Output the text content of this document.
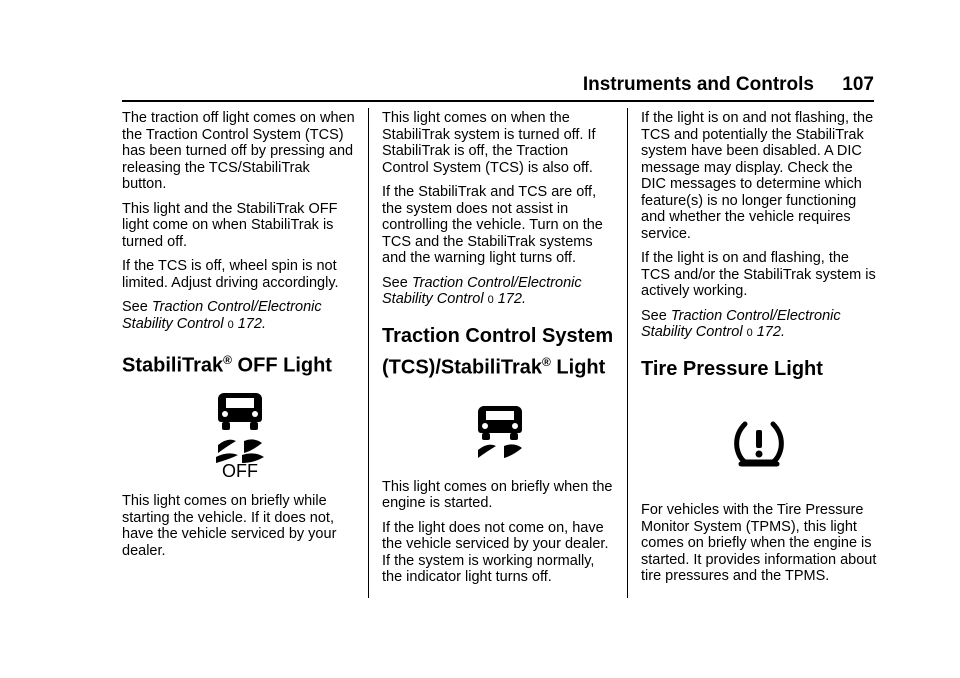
Instruments and Controls 107

The traction off light comes on when the Traction Control System (TCS) has been turned off by pressing and releasing the TCS/StabiliTrak button.

This light and the StabiliTrak OFF light come on when StabiliTrak is turned off.

If the TCS is off, wheel spin is not limited. Adjust driving accordingly.

See Traction Control/Electronic Stability Control 0 172.

StabiliTrak® OFF Light
OFF

This light comes on briefly while starting the vehicle. If it does not, have the vehicle serviced by your dealer.

This light comes on when the StabiliTrak system is turned off. If StabiliTrak is off, the Traction Control System (TCS) is also off.

If the StabiliTrak and TCS are off, the system does not assist in controlling the vehicle. Turn on the TCS and the StabiliTrak systems and the warning light turns off.

See Traction Control/Electronic Stability Control 0 172.

Traction Control System (TCS)/StabiliTrak® Light

This light comes on briefly when the engine is started.

If the light does not come on, have the vehicle serviced by your dealer. If the system is working normally, the indicator light turns off.

If the light is on and not flashing, the TCS and potentially the StabiliTrak system have been disabled. A DIC message may display. Check the DIC messages to determine which feature(s) is no longer functioning and whether the vehicle requires service.

If the light is on and flashing, the TCS and/or the StabiliTrak system is actively working.

See Traction Control/Electronic Stability Control 0 172.

Tire Pressure Light

For vehicles with the Tire Pressure Monitor System (TPMS), this light comes on briefly when the engine is started. It provides information about tire pressures and the TPMS.
